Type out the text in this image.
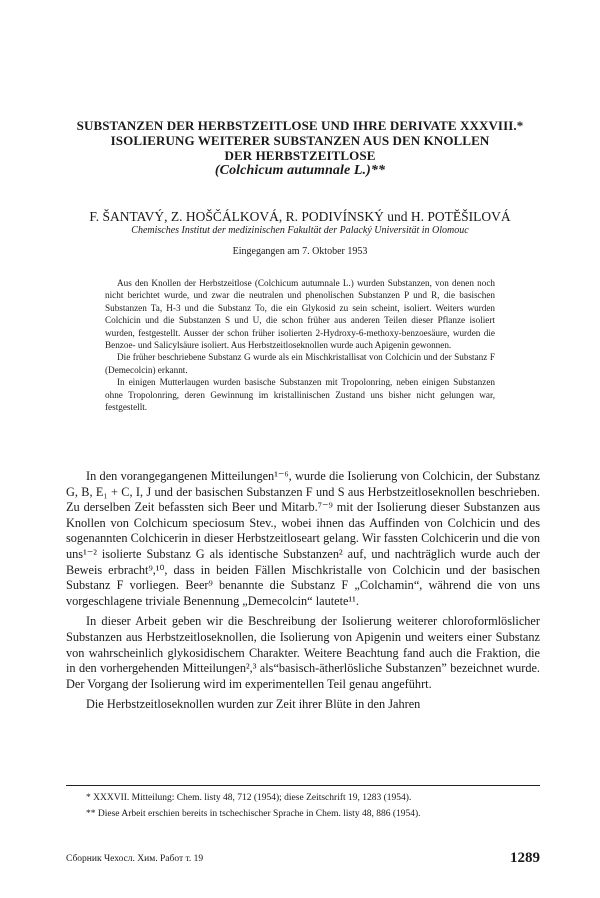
SUBSTANZEN DER HERBSTZEITLOSE UND IHRE DERIVATE XXXVIII.*
ISOLIERUNG WEITERER SUBSTANZEN AUS DEN KNOLLEN
DER HERBSTZEITLOSE
(Colchicum autumnale L.)**
F. ŠANTAVÝ, Z. HOŠČÁLKOVÁ, R. PODIVÍNSKÝ und H. POTĚŠILOVÁ
Chemisches Institut der medizinischen Fakultät der Palacký Universität in Olomouc
Eingegangen am 7. Oktober 1953

Aus den Knollen der Herbstzeitlose (Colchicum autumnale L.) wurden Substanzen, von denen noch nicht berichtet wurde, und zwar die neutralen und phenolischen Substanzen P und R, die basischen Substanzen Ta, H-3 und die Substanz To, die ein Glykosid zu sein scheint, isoliert. Weiters wurden Colchicin und die Substanzen S und U, die schon früher aus anderen Teilen dieser Pflanze isoliert wurden, festgestellt. Ausser der schon früher isolierten 2-Hydroxy-6-methoxy-benzoesäure, wurden die Benzoe- und Salicylsäure isoliert. Aus Herbstzeitloseknollen wurde auch Apigenin gewonnen.

Die früher beschriebene Substanz G wurde als ein Mischkristallisat von Colchicin und der Substanz F (Demecolcin) erkannt.

In einigen Mutterlaugen wurden basische Substanzen mit Tropolonring, neben einigen Substanzen ohne Tropolonring, deren Gewinnung im kristallinischen Zustand uns bisher nicht gelungen war, festgestellt.

In den vorangegangenen Mitteilungen¹⁻⁶, wurde die Isolierung von Colchicin, der Substanz G, B, E₁ + C, I, J und der basischen Substanzen F und S aus Herbstzeitloseknollen beschrieben. Zu derselben Zeit befassten sich Beer und Mitarb.⁷⁻⁹ mit der Isolierung dieser Substanzen aus Knollen von Colchicum speciosum Stev., wobei ihnen das Auffinden von Colchicin und des sogenannten Colchicerin in dieser Herbstzeitloseart gelang. Wir fassten Colchicerin und die von uns¹⁻² isolierte Substanz G als identische Substanzen² auf, und nachträglich wurde auch der Beweis erbracht⁹,¹⁰, dass in beiden Fällen Mischkristalle von Colchicin und der basischen Substanz F vorliegen. Beer⁹ benannte die Substanz F „Colchamin“, während die von uns vorgeschlagene triviale Benennung „Demecolcin“ lautete¹¹.

In dieser Arbeit geben wir die Beschreibung der Isolierung weiterer chloroformlöslicher Substanzen aus Herbstzeitloseknollen, die Isolierung von Apigenin und weiters einer Substanz von wahrscheinlich glykosidischem Charakter. Weitere Beachtung fand auch die Fraktion, die in den vorhergehenden Mitteilungen²,³ als“basisch-ätherlösliche Substanzen” bezeichnet wurde. Der Vorgang der Isolierung wird im experimentellen Teil genau angeführt.

Die Herbstzeitloseknollen wurden zur Zeit ihrer Blüte in den Jahren

* XXXVII. Mitteilung: Chem. listy 48, 712 (1954); diese Zeitschrift 19, 1283 (1954).
** Diese Arbeit erschien bereits in tschechischer Sprache in Chem. listy 48, 886 (1954).
Сборник Чехосл. Хим. Работ т. 19	1289
